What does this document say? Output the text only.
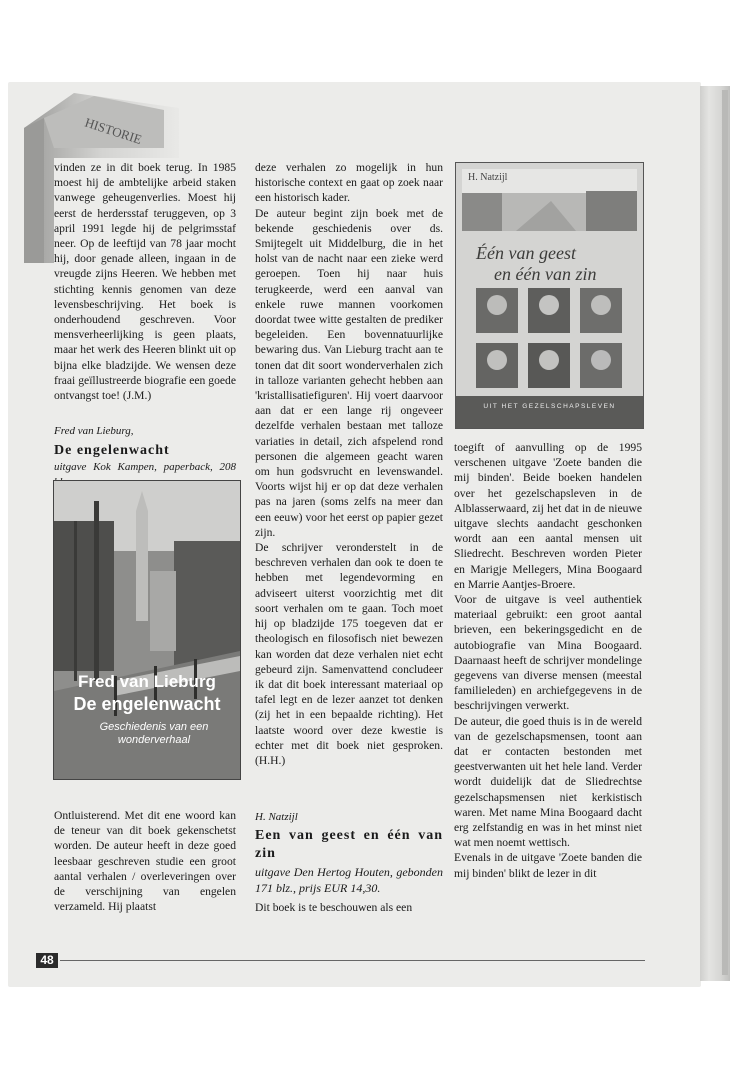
HISTORIE

vinden ze in dit boek terug. In 1985 moest hij de ambtelijke arbeid staken vanwege geheugenverlies. Moest hij eerst de herdersstaf teruggeven, op 3 april 1991 legde hij de pelgrimsstaf neer. Op de leeftijd van 78 jaar mocht hij, door genade alleen, ingaan in de vreugde zijns Heeren. We hebben met stichting kennis genomen van deze levensbeschrijving. Het boek is onderhoudend geschreven. Voor mensverheerlijking is geen plaats, maar het werk des Heeren blinkt uit op bijna elke bladzijde. We wensen deze fraai geïllustreerde biografie een goede ontvangst toe! (J.M.)

Fred van Lieburg,
De engelenwacht
uitgave Kok Kampen, paperback, 208
Fred van Lieburg
De engelenwacht
Geschiedenis van een
wonderverhaal

Ontluisterend. Met dit ene woord kan de teneur van dit boek gekenschetst worden. De auteur heeft in deze goed leesbaar geschreven studie een groot aantal verhalen / overleveringen over de verschijning van engelen verzameld. Hij plaatst

deze verhalen zo mogelijk in hun historische context en gaat op zoek naar een historisch kader.

De auteur begint zijn boek met de bekende geschiedenis over ds. Smijtegelt uit Middelburg, die in het holst van de nacht naar een zieke werd geroepen. Toen hij naar huis terugkeerde, werd een aanval van enkele ruwe mannen voorkomen doordat twee witte gestalten de prediker begeleiden. Een bovennatuurlijke bewaring dus. Van Lieburg tracht aan te tonen dat dit soort wonderverhalen zich in talloze varianten gehecht hebben aan 'kristallisatiefiguren'. Hij voert daarvoor aan dat er een lange rij ongeveer dezelfde verhalen bestaan met talloze variaties in detail, zich afspelend rond personen die algemeen geacht waren om hun godsvrucht en levenswandel. Voorts wijst hij er op dat deze verhalen pas na jaren (soms zelfs na meer dan een eeuw) voor het eerst op papier gezet zijn.

De schrijver veronderstelt in de beschreven verhalen dan ook te doen te hebben met legendevorming en adviseert uiterst voorzichtig met dit soort verhalen om te gaan. Toch moet hij op bladzijde 175 toegeven dat er theologisch en filosofisch niet bewezen kan worden dat deze verhalen niet echt gebeurd zijn. Samenvattend concludeer ik dat dit boek interessant materiaal op tafel legt en de lezer aanzet tot denken (zij het in een bepaalde richting). Het laatste woord over deze kwestie is echter met dit boek niet gesproken. (H.H.)

H. Natzijl
Een van geest en één van zin
uitgave Den Hertog Houten, gebonden 171 blz., prijs EUR 14,30.

Dit boek is te beschouwen als een

H. Natzijl
Één van geest
en één van zin
UIT HET GEZELSCHAPSLEVEN

toegift of aanvulling op de 1995 verschenen uitgave 'Zoete banden die mij binden'. Beide boeken handelen over het gezelschapsleven in de Alblasserwaard, zij het dat in de nieuwe uitgave slechts aandacht geschonken wordt aan een aantal mensen uit Sliedrecht. Beschreven worden Pieter en Marigje Mellegers, Mina Boogaard en Marrie Aantjes-Broere.

Voor de uitgave is veel authentiek materiaal gebruikt: een groot aantal brieven, een bekeringsgedicht en de autobiografie van Mina Boogaard. Daarnaast heeft de schrijver mondelinge gegevens van diverse mensen (meestal familieleden) en archiefgegevens in de beschrijvingen verwerkt.

De auteur, die goed thuis is in de wereld van de gezelschapsmensen, toont aan dat er contacten bestonden met geestverwanten uit het hele land. Verder wordt duidelijk dat de Sliedrechtse gezelschapsmensen niet kerkistisch waren. Met name Mina Boogaard dacht erg zelfstandig en was in het minst niet wat men noemt wettisch.

Evenals in de uitgave 'Zoete banden die mij binden' blikt de lezer in dit

48
